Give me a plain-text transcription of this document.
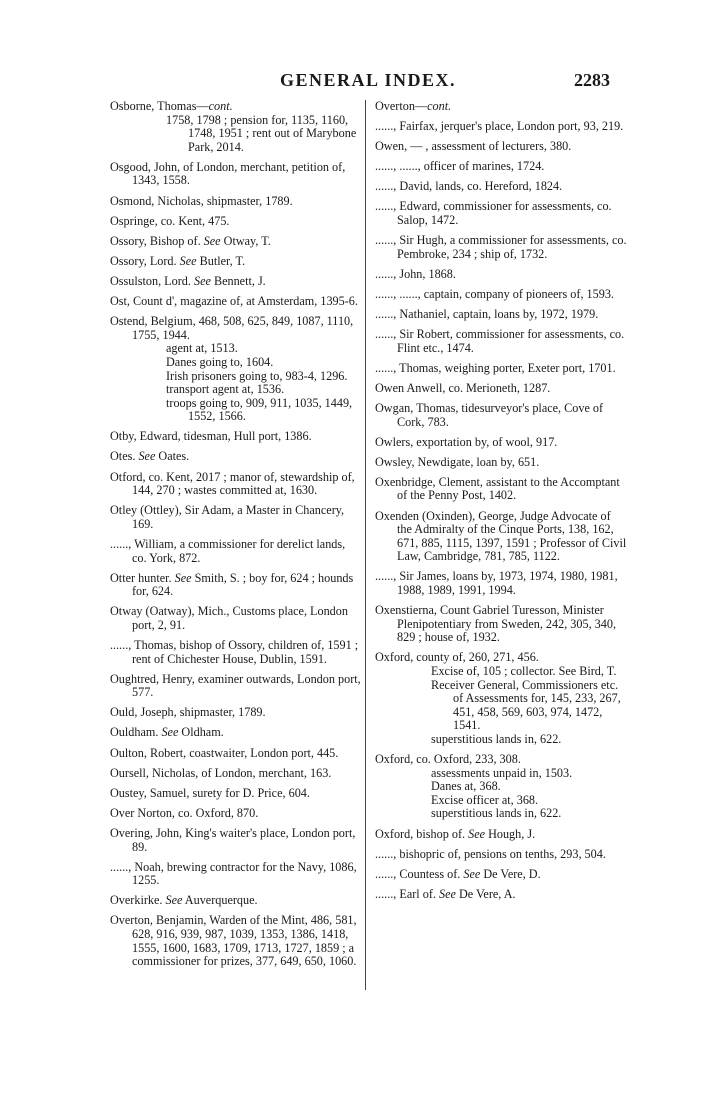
GENERAL INDEX.	2283
Osborne, Thomas—cont.
1758, 1798 ; pension for, 1135, 1160, 1748, 1951 ; rent out of Marybone Park, 2014.
Osgood, John, of London, merchant, petition of, 1343, 1558.
Osmond, Nicholas, shipmaster, 1789.
Ospringe, co. Kent, 475.
Ossory, Bishop of. See Otway, T.
Ossory, Lord. See Butler, T.
Ossulston, Lord. See Bennett, J.
Ost, Count d', magazine of, at Amsterdam, 1395-6.
Ostend, Belgium, 468, 508, 625, 849, 1087, 1110, 1755, 1944.
agent at, 1513.
Danes going to, 1604.
Irish prisoners going to, 983-4, 1296.
transport agent at, 1536.
troops going to, 909, 911, 1035, 1449, 1552, 1566.
Otby, Edward, tidesman, Hull port, 1386.
Otes. See Oates.
Otford, co. Kent, 2017 ; manor of, stewardship of, 144, 270 ; wastes committed at, 1630.
Otley (Ottley), Sir Adam, a Master in Chancery, 169.
......, William, a commissioner for derelict lands, co. York, 872.
Otter hunter. See Smith, S. ; boy for, 624 ; hounds for, 624.
Otway (Oatway), Mich., Customs place, London port, 2, 91.
......, Thomas, bishop of Ossory, children of, 1591 ; rent of Chichester House, Dublin, 1591.
Oughtred, Henry, examiner outwards, London port, 577.
Ould, Joseph, shipmaster, 1789.
Ouldham. See Oldham.
Oulton, Robert, coastwaiter, London port, 445.
Oursell, Nicholas, of London, merchant, 163.
Oustey, Samuel, surety for D. Price, 604.
Over Norton, co. Oxford, 870.
Overing, John, King's waiter's place, London port, 89.
......, Noah, brewing contractor for the Navy, 1086, 1255.
Overkirke. See Auverquerque.
Overton, Benjamin, Warden of the Mint, 486, 581, 628, 916, 939, 987, 1039, 1353, 1386, 1418, 1555, 1600, 1683, 1709, 1713, 1727, 1859 ; a commissioner for prizes, 377, 649, 650, 1060.
Overton—cont.
......, Fairfax, jerquer's place, London port, 93, 219.
Owen, — , assessment of lecturers, 380.
......, ......, officer of marines, 1724.
......, David, lands, co. Hereford, 1824.
......, Edward, commissioner for assessments, co. Salop, 1472.
......, Sir Hugh, a commissioner for assessments, co. Pembroke, 234 ; ship of, 1732.
......, John, 1868.
......, ......, captain, company of pioneers of, 1593.
......, Nathaniel, captain, loans by, 1972, 1979.
......, Sir Robert, commissioner for assessments, co. Flint etc., 1474.
......, Thomas, weighing porter, Exeter port, 1701.
Owen Anwell, co. Merioneth, 1287.
Owgan, Thomas, tidesurveyor's place, Cove of Cork, 783.
Owlers, exportation by, of wool, 917.
Owsley, Newdigate, loan by, 651.
Oxenbridge, Clement, assistant to the Accomptant of the Penny Post, 1402.
Oxenden (Oxinden), George, Judge Advocate of the Admiralty of the Cinque Ports, 138, 162, 671, 885, 1115, 1397, 1591 ; Professor of Civil Law, Cambridge, 781, 785, 1122.
......, Sir James, loans by, 1973, 1974, 1980, 1981, 1988, 1989, 1991, 1994.
Oxenstierna, Count Gabriel Turesson, Minister Plenipotentiary from Sweden, 242, 305, 340, 829 ; house of, 1932.
Oxford, county of, 260, 271, 456.
Excise of, 105 ; collector. See Bird, T.
Receiver General, Commissioners etc. of Assessments for, 145, 233, 267, 451, 458, 569, 603, 974, 1472, 1541.
superstitious lands in, 622.
Oxford, co. Oxford, 233, 308.
assessments unpaid in, 1503.
Danes at, 368.
Excise officer at, 368.
superstitious lands in, 622.
Oxford, bishop of. See Hough, J.
......, bishopric of, pensions on tenths, 293, 504.
......, Countess of. See De Vere, D.
......, Earl of. See De Vere, A.
